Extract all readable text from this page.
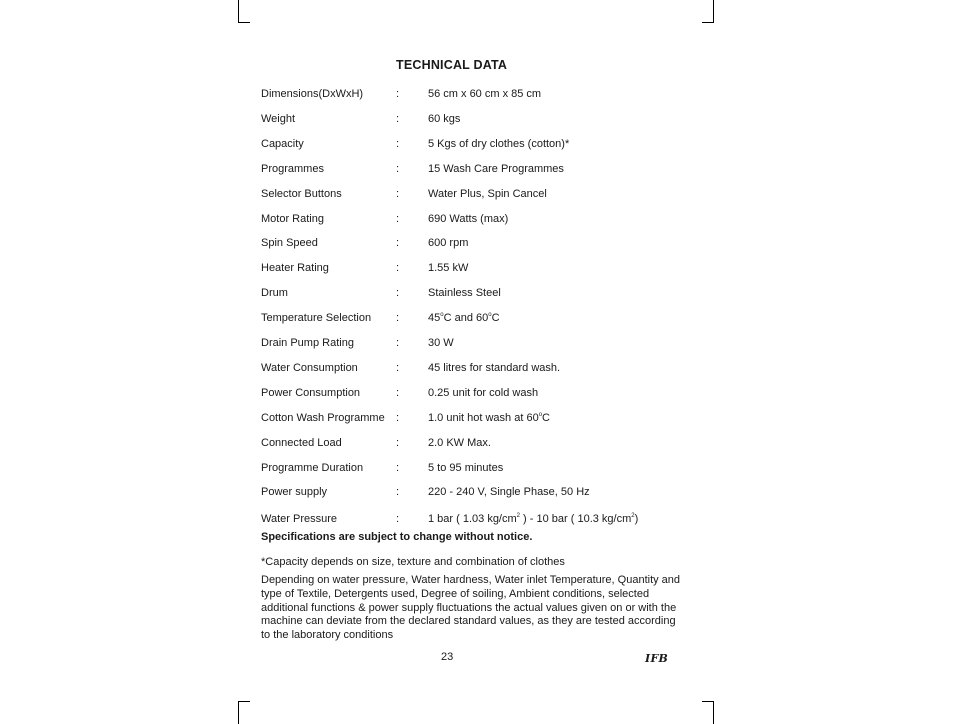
TECHNICAL DATA
Dimensions(DxWxH)	:	56 cm x 60 cm x 85 cm
Weight	:	60 kgs
Capacity	:	5 Kgs of dry clothes (cotton)*
Programmes	:	15 Wash Care Programmes
Selector Buttons	:	Water Plus, Spin Cancel
Motor Rating	:	690 Watts (max)
Spin Speed	:	600 rpm
Heater Rating	:	1.55 kW
Drum	:	Stainless Steel
Temperature Selection :	45$^o$C and 60$^o$C
Drain Pump Rating	:	30 W
Water Consumption	:	45 litres for standard wash.
Power Consumption	:	0.25 unit for cold wash
Cotton Wash Programme :	1.0 unit hot wash at 60$^o$C
Connected Load	:	2.0 KW Max.
Programme Duration	:	5 to 95 minutes
Power supply	:	220 - 240 V, Single Phase, 50 Hz
Water Pressure	:	1 bar ( 1.03 $kg/cm^2$ ) - 10 bar ( 10.3 $kg/cm^2$)
Specifications are subject to change without notice.
*Capacity depends on size, texture and combination of clothes
Depending on water pressure, Water hardness, Water inlet Temperature, Quantity and type of Textile, Detergents used, Degree of soiling, Ambient conditions, selected additional functions & power supply fluctuations the actual values given on or with the machine can deviate from the declared standard values, as they are tested according to the laboratory conditions
23	IFB
